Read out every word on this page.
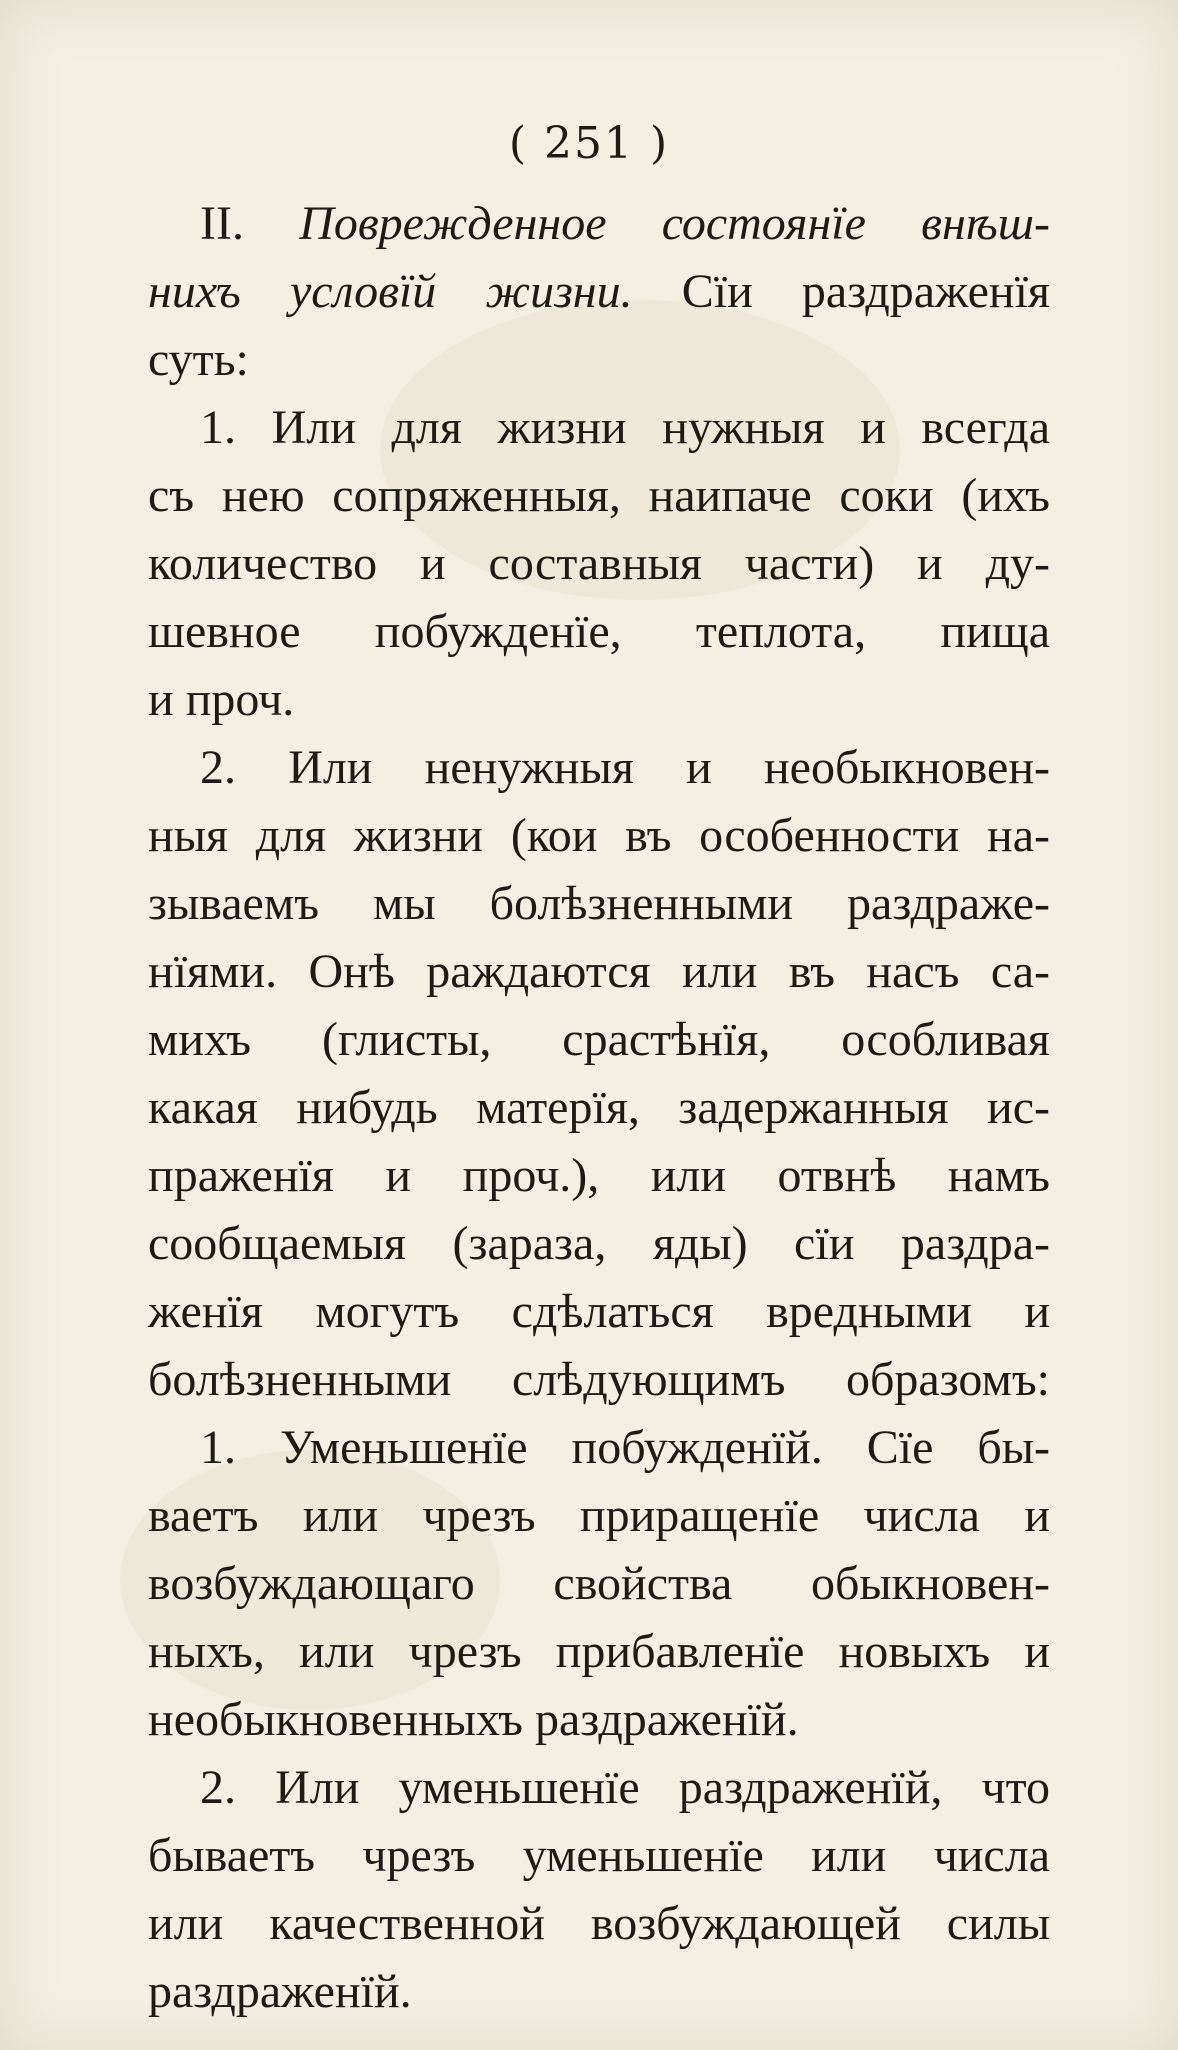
( 251 )
II. Поврежденное состоянїе внѣш-
нихъ условїй жизни. Сїи раздраженїя
суть:
1. Или для жизни нужныя и всегда
съ нею сопряженныя, наипаче соки (ихъ
количество и составныя части) и ду-
шевное побужденїе, теплота, пища
и проч.
2. Или ненужныя и необыкновен-
ныя для жизни (кои въ особенности на-
зываемъ мы болѣзненными раздраже-
нїями. Онѣ раждаются или въ насъ са-
михъ (глисты, срастѣнїя, особливая
какая нибудь матерїя, задержанныя ис-
праженїя и проч.), или отвнѣ намъ
сообщаемыя (зараза, яды) сїи раздра-
женїя могутъ сдѣлаться вредными и
болѣзненными слѣдующимъ образомъ:
1. Уменьшенїе побужденїй. Сїе бы-
ваетъ или чрезъ приращенїе числа и
возбуждающаго свойства обыкновен-
ныхъ, или чрезъ прибавленїе новыхъ и
необыкновенныхъ раздраженїй.
2. Или уменьшенїе раздраженїй, что
бываетъ чрезъ уменьшенїе или числа
или качественной возбуждающей силы
раздраженїй.
